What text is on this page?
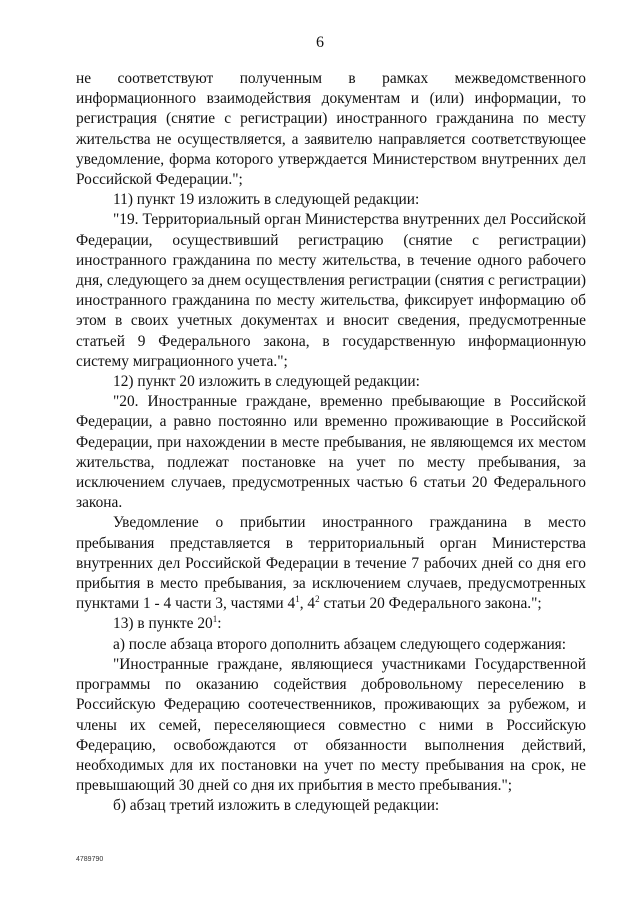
6

не соответствуют полученным в рамках межведомственного информационного взаимодействия документам и (или) информации, то регистрация (снятие с регистрации) иностранного гражданина по месту жительства не осуществляется, а заявителю направляется соответствующее уведомление, форма которого утверждается Министерством внутренних дел Российской Федерации.";

11) пункт 19 изложить в следующей редакции:

"19. Территориальный орган Министерства внутренних дел Российской Федерации, осуществивший регистрацию (снятие с регистрации) иностранного гражданина по месту жительства, в течение одного рабочего дня, следующего за днем осуществления регистрации (снятия с регистрации) иностранного гражданина по месту жительства, фиксирует информацию об этом в своих учетных документах и вносит сведения, предусмотренные статьей 9 Федерального закона, в государственную информационную систему миграционного учета.";

12) пункт 20 изложить в следующей редакции:

"20. Иностранные граждане, временно пребывающие в Российской Федерации, а равно постоянно или временно проживающие в Российской Федерации, при нахождении в месте пребывания, не являющемся их местом жительства, подлежат постановке на учет по месту пребывания, за исключением случаев, предусмотренных частью 6 статьи 20 Федерального закона.

Уведомление о прибытии иностранного гражданина в место пребывания представляется в территориальный орган Министерства внутренних дел Российской Федерации в течение 7 рабочих дней со дня его прибытия в место пребывания, за исключением случаев, предусмотренных пунктами 1 - 4 части 3, частями $4^1$, $4^2$ статьи 20 Федерального закона.";

13) в пункте $20^1$:

а) после абзаца второго дополнить абзацем следующего содержания:

"Иностранные граждане, являющиеся участниками Государственной программы по оказанию содействия добровольному переселению в Российскую Федерацию соотечественников, проживающих за рубежом, и члены их семей, переселяющиеся совместно с ними в Российскую Федерацию, освобождаются от обязанности выполнения действий, необходимых для их постановки на учет по месту пребывания на срок, не превышающий 30 дней со дня их прибытия в место пребывания.";

б) абзац третий изложить в следующей редакции:

4789790
